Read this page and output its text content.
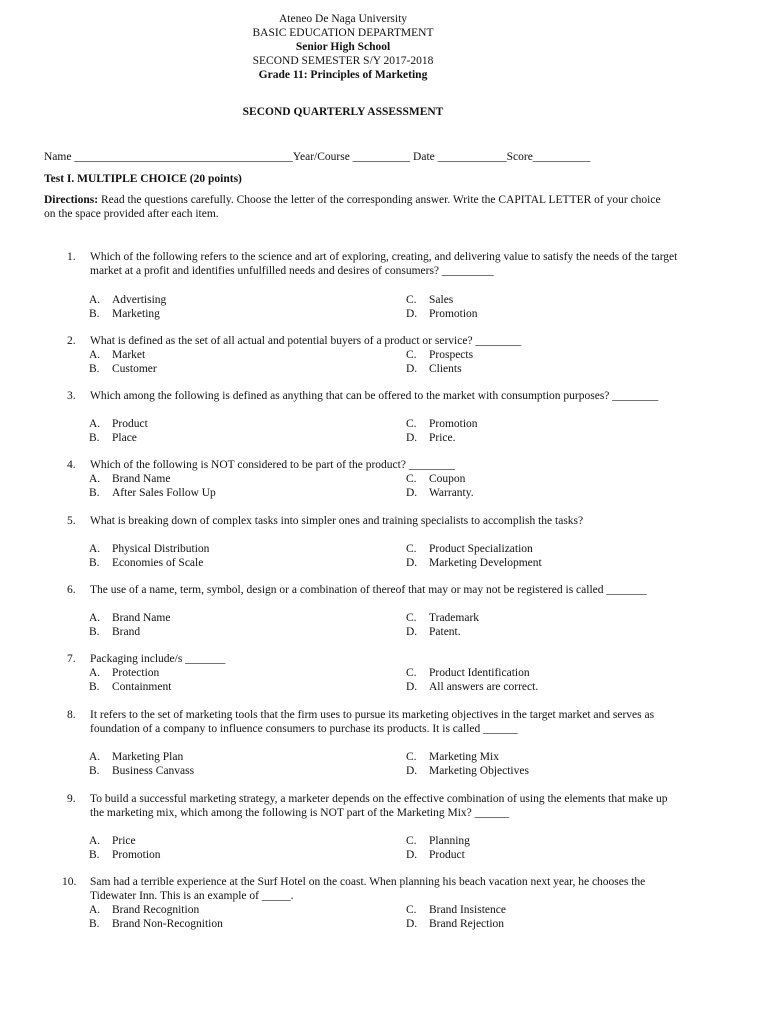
Ateneo De Naga University
BASIC EDUCATION DEPARTMENT
Senior High School
SECOND SEMESTER S/Y 2017-2018
Grade 11: Principles of Marketing
SECOND QUARTERLY ASSESSMENT
Name ______________________________________Year/Course __________ Date ____________Score__________
Test I. MULTIPLE CHOICE (20 points)
Directions: Read the questions carefully. Choose the letter of the corresponding answer. Write the CAPITAL LETTER of your choice on the space provided after each item.
1.	Which of the following refers to the science and art of exploring, creating, and delivering value to satisfy the needs of the target market at a profit and identifies unfulfilled needs and desires of consumers? _________
A. Advertising	C. Sales
B. Marketing	D. Promotion
2.	What is defined as the set of all actual and potential buyers of a product or service? ________
A. Market	C. Prospects
B. Customer	D. Clients
3.	Which among the following is defined as anything that can be offered to the market with consumption purposes? ________
A. Product	C. Promotion
B. Place	D. Price.
4.	Which of the following is NOT considered to be part of the product? ________
A. Brand Name	C. Coupon
B. After Sales Follow Up	D. Warranty.
5.	What is breaking down of complex tasks into simpler ones and training specialists to accomplish the tasks?
A. Physical Distribution	C. Product Specialization
B. Economies of Scale	D. Marketing Development
6.	The use of a name, term, symbol, design or a combination of thereof that may or may not be registered is called _______
A. Brand Name	C. Trademark
B. Brand	D. Patent.
7.	Packaging include/s _______
A. Protection	C. Product Identification
B. Containment	D. All answers are correct.
8.	It refers to the set of marketing tools that the firm uses to pursue its marketing objectives in the target market and serves as foundation of a company to influence consumers to purchase its products. It is called ______
A. Marketing Plan	C. Marketing Mix
B. Business Canvass	D. Marketing Objectives
9.	To build a successful marketing strategy, a marketer depends on the effective combination of using the elements that make up the marketing mix, which among the following is NOT part of the Marketing Mix? ______
A. Price	C. Planning
B. Promotion	D. Product
10.	Sam had a terrible experience at the Surf Hotel on the coast. When planning his beach vacation next year, he chooses the Tidewater Inn. This is an example of _____.
A. Brand Recognition	C. Brand Insistence
B. Brand Non-Recognition	D. Brand Rejection
